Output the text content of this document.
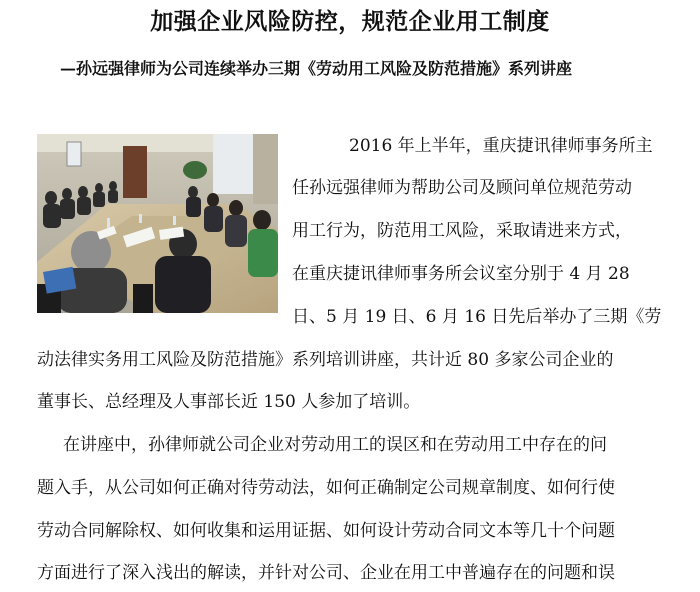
加强企业风险防控，规范企业用工制度
—孙远强律师为公司连续举办三期《劳动用工风险及防范措施》系列讲座
2016 年上半年，重庆捷讯律师事务所主
任孙远强律师为帮助公司及顾问单位规范劳动
用工行为，防范用工风险，采取请进来方式，
在重庆捷讯律师事务所会议室分别于 4 月 28
日、5 月 19 日、6 月 16 日先后举办了三期《劳
动法律实务用工风险及防范措施》系列培训讲座，共计近 80 多家公司企业的
董事长、总经理及人事部长近 150 人参加了培训。
在讲座中，孙律师就公司企业对劳动用工的误区和在劳动用工中存在的问
题入手，从公司如何正确对待劳动法，如何正确制定公司规章制度、如何行使
劳动合同解除权、如何收集和运用证据、如何设计劳动合同文本等几十个问题
方面进行了深入浅出的解读，并针对公司、企业在用工中普遍存在的问题和误
